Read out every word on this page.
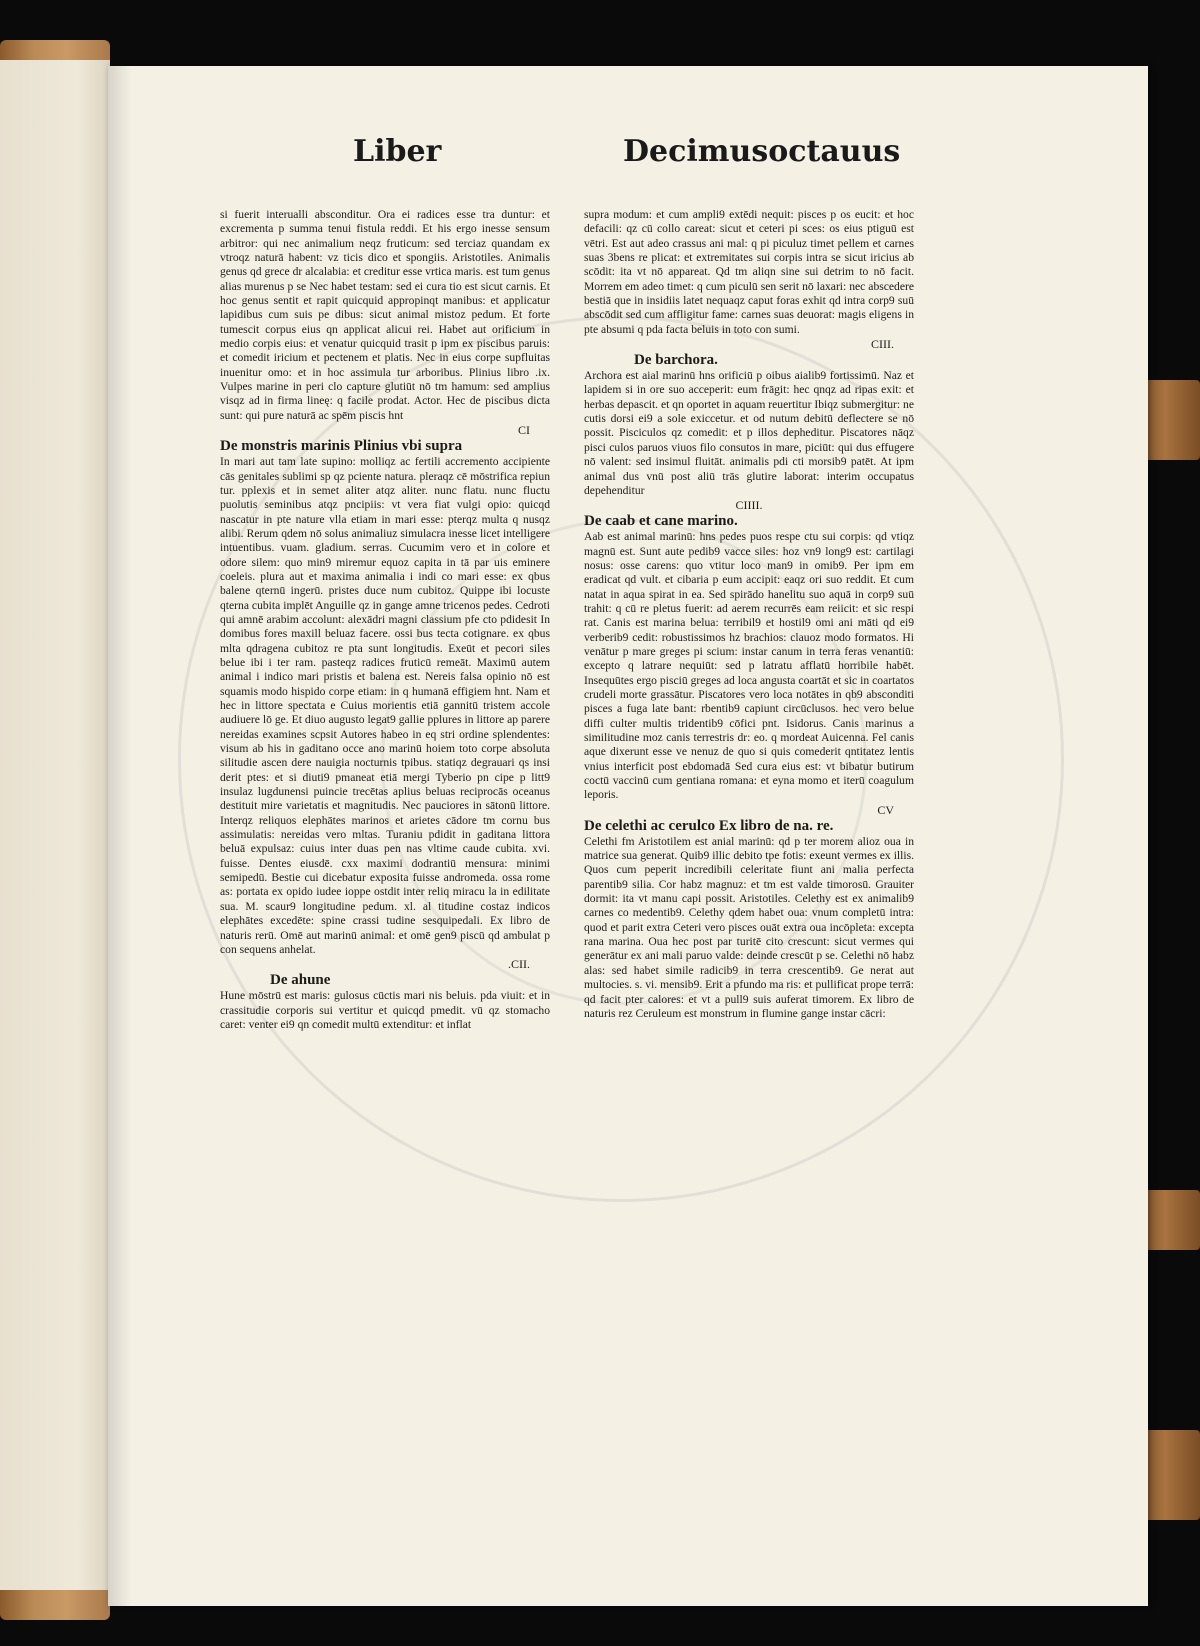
Liber	Decimusoctauus

si fuerit interualli absconditur. Ora ei radices esse tra duntur: et excrementa p summa tenui fistula reddi. Et his ergo inesse sensum arbitror: qui nec animalium neqz fruticum: sed terciaz quandam ex vtroqz naturā habent: vz ticis dico et spongiis. Aristotiles. Animalis genus qd grece dr alcalabia: et creditur esse vrtica maris. est tum genus alias murenus p se Nec habet testam: sed ei cura tio est sicut carnis. Et hoc genus sentit et rapit quicquid appropinqt manibus: et applicatur lapidibus cum suis pe dibus: sicut animal mistoz pedum. Et forte tumescit corpus eius qn applicat alicui rei. Habet aut orificium in medio corpis eius: et venatur quicquid trasit p ipm ex piscibus paruis: et comedit iricium et pectenem et platis. Nec in eius corpe supfluitas inuenitur omo: et in hoc assimula tur arboribus. Plinius libro .ix. Vulpes marine in peri clo capture glutiūt nō tm hamum: sed amplius visqz ad in firma lineę: q facile prodat. Actor. Hec de piscibus dicta sunt: qui pure naturā ac spēm piscis hnt

CI

De monstris marinis Plinius vbi supra

In mari aut tam late supino: molliqz ac fertili accremento accipiente cās genitales sublimi sp qz pciente natura. pleraqz cē mōstrifica repiun tur. pplexis et in semet aliter atqz aliter. nunc flatu. nunc fluctu puolutis seminibus atqz pncipiis: vt vera fiat vulgi opio: quicqd nascatur in pte nature vlla etiam in mari esse: pterqz multa q nusqz alibi. Rerum qdem nō solus animaliuz simulacra inesse licet intelligere intuentibus. vuam. gladium. serras. Cucumim vero et in colore et odore silem: quo min9 miremur equoz capita in tā par uis eminere coeleis. plura aut et maxima animalia i indi co mari esse: ex qbus balene qternū ingerū. pristes duce num cubitoz. Quippe ibi locuste qterna cubita implēt Anguille qz in gange amne tricenos pedes. Cedroti qui amnē arabim accolunt: alexādri magni classium pfe cto pdidesit In domibus fores maxill beluaz facere. ossi bus tecta cotignare. ex qbus mlta qdragena cubitoz re pta sunt longitudis. Exeūt et pecori siles belue ibi i ter ram. pasteqz radices fruticū remeāt. Maximū autem animal i indico mari pristis et balena est. Nereis falsa opinio nō est squamis modo hispido corpe etiam: in q humanā effigiem hnt. Nam et hec in littore spectata e Cuius morientis etiā gannitū tristem accole audiuere lō ge. Et diuo augusto legat9 gallie pplures in littore ap parere nereidas examines scpsit Autores habeo in eq stri ordine splendentes: visum ab his in gaditano occe ano marinū hoiem toto corpe absoluta silitudie ascen dere nauigia nocturnis tpibus. statiqz degrauari qs insi derit ptes: et si diuti9 pmaneat etiā mergi Tyberio pn cipe p litt9 insulaz lugdunensi puincie trecētas aplius beluas reciprocās oceanus destituit mire varietatis et magnitudis. Nec pauciores in sātonū littore. Interqz reliquos elephātes marinos et arietes cādore tm cornu bus assimulatis: nereidas vero mltas. Turaniu pdidit in gaditana littora beluā expulsaz: cuius inter duas pen nas vltime caude cubita. xvi. fuisse. Dentes eiusdē. cxx maximi dodrantiū mensura: minimi semipedū. Bestie cui dicebatur exposita fuisse andromeda. ossa rome as: portata ex opido iudee ioppe ostdit inter reliq miracu la in edilitate sua. M. scaur9 longitudine pedum. xl. al titudine costaz indicos elephātes excedēte: spine crassi tudine sesquipedali. Ex libro de naturis rerū. Omē aut marinū animal: et omē gen9 piscū qd ambulat p con sequens anhelat.

.CII.

De ahune

Hune mōstrū est maris: gulosus cūctis mari nis beluis. pda viuit: et in crassitudie corporis sui vertitur et quicqd pmedit. vū qz stomacho caret: venter ei9 qn comedit multū extenditur: et inflat

supra modum: et cum ampli9 extēdi nequit: pisces p os eucit: et hoc defacili: qz cū collo careat: sicut et ceteri pi sces: os eius ptiguū est vētri. Est aut adeo crassus ani mal: q pi piculuz timet pellem et carnes suas 3bens re plicat: et extremitates sui corpis intra se sicut iricius ab scōdit: ita vt nō appareat. Qd tm aliqn sine sui detrim to nō facit. Morrem em adeo timet: q cum piculū sen serit nō laxari: nec abscedere bestiā que in insidiis latet nequaqz caput foras exhit qd intra corp9 suū abscōdit sed cum affligitur fame: carnes suas deuorat: magis eligens in pte absumi q pda facta beluis in toto con sumi.

CIII.

De barchora.

Archora est aial marinū hns orificiū p oibus aialib9 fortissimū. Naz et lapidem si in ore suo acceperit: eum frāgit: hec qnqz ad ripas exit: et herbas depascit. et qn oportet in aquam reuertitur Ibiqz submergitur: ne cutis dorsi ei9 a sole exiccetur. et od nutum debitū deflectere se nō possit. Pisciculos qz comedit: et p illos depheditur. Piscatores nāqz pisci culos paruos viuos filo consutos in mare, piciūt: qui dus effugere nō valent: sed insimul fluitāt. animalis pdi cti morsib9 patēt. At ipm animal dus vnū post aliū trās glutire laborat: interim occupatus depehenditur

CIIII.

De caab et cane marino.

Aab est animal marinū: hns pedes puos respe ctu sui corpis: qd vtiqz magnū est. Sunt aute pedib9 vacce siles: hoz vn9 long9 est: cartilagi nosus: osse carens: quo vtitur loco man9 in omib9. Per ipm em eradicat qd vult. et cibaria p eum accipit: eaqz ori suo reddit. Et cum natat in aqua spirat in ea. Sed spirādo hanelitu suo aquā in corp9 suū trahit: q cū re pletus fuerit: ad aerem recurrēs eam reiicit: et sic respi rat. Canis est marina belua: terribil9 et hostil9 omi ani māti qd ei9 verberib9 cedit: robustissimos hz brachios: clauoz modo formatos. Hi venātur p mare greges pi scium: instar canum in terra feras venantiū: excepto q latrare nequiūt: sed p latratu afflatū horribile habēt. Insequūtes ergo pisciū greges ad loca angusta coartāt et sic in coartatos crudeli morte grassātur. Piscatores vero loca notātes in qb9 absconditi pisces a fuga late bant: rbentib9 capiunt circūclusos. hec vero belue diffi culter multis tridentib9 cōfici pnt. Isidorus. Canis marinus a similitudine moz canis terrestris dr: eo. q mordeat Auicenna. Fel canis aque dixerunt esse ve nenuz de quo si quis comederit qntitatez lentis vnius interficit post ebdomadā Sed cura eius est: vt bibatur butirum coctū vaccinū cum gentiana romana: et eyna momo et iterū coagulum leporis.

CV

De celethi ac cerulco Ex libro de na. re.

Celethi fm Aristotilem est anial marinū: qd p ter morem alioz oua in matrice sua generat. Quib9 illic debito tpe fotis: exeunt vermes ex illis. Quos cum peperit incredibili celeritate fiunt ani malia perfecta parentib9 silia. Cor habz magnuz: et tm est valde timorosū. Grauiter dormit: ita vt manu capi possit. Aristotiles. Celethy est ex animalib9 carnes co medentib9. Celethy qdem habet oua: vnum completū intra: quod et parit extra Ceteri vero pisces ouāt extra oua incōpleta: excepta rana marina. Oua hec post par turitē cito crescunt: sicut vermes qui generātur ex ani mali paruo valde: deinde crescūt p se. Celethi nō habz alas: sed habet simile radicib9 in terra crescentib9. Ge nerat aut multocies. s. vi. mensib9. Erit a pfundo ma ris: et pullificat prope terrā: qd facit pter calores: et vt a pull9 suis auferat timorem. Ex libro de naturis rez Ceruleum est monstrum in flumine gange instar cācri:
